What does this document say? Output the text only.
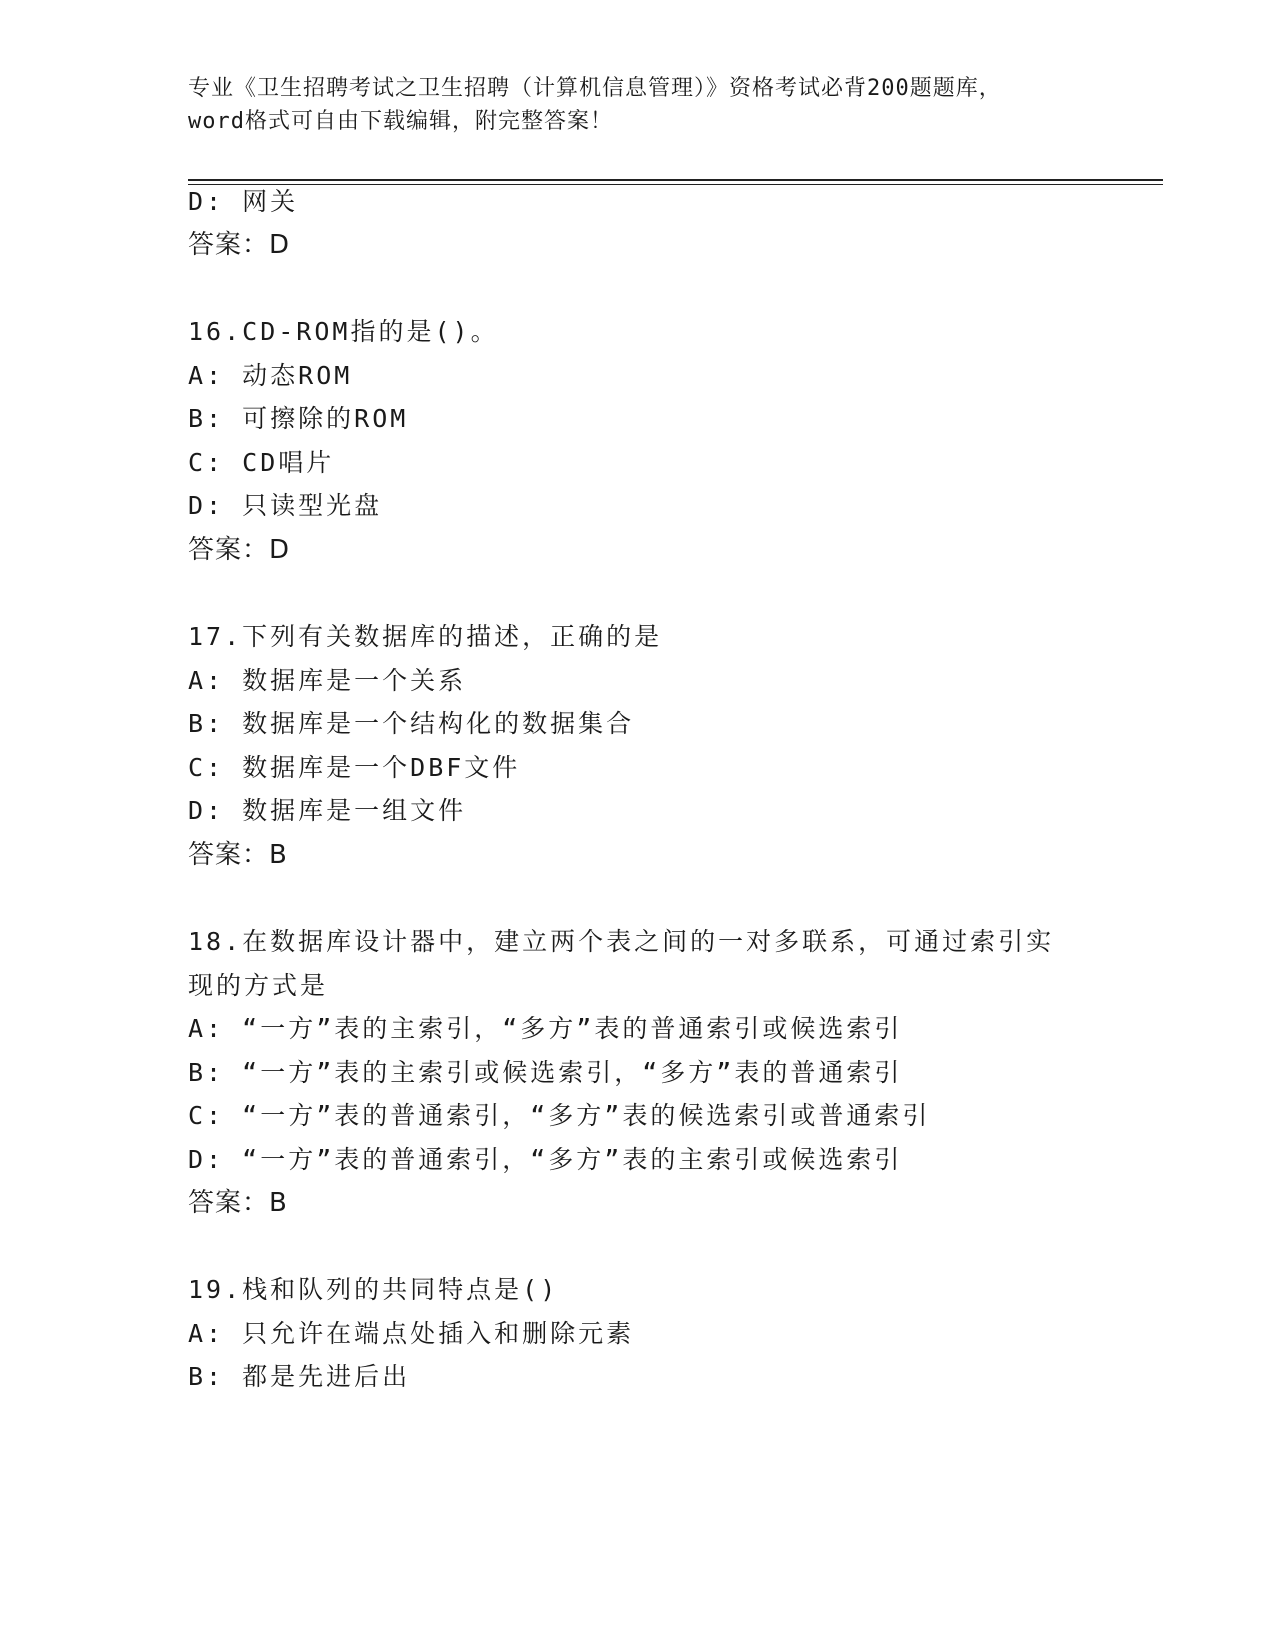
专业《卫生招聘考试之卫生招聘（计算机信息管理）》资格考试必背200题题库，
word格式可自由下载编辑，附完整答案！
D: 网关
答案：D
16.CD-ROM指的是()。
A: 动态ROM
B: 可擦除的ROM
C: CD唱片
D: 只读型光盘
答案：D
17.下列有关数据库的描述，正确的是
A: 数据库是一个关系
B: 数据库是一个结构化的数据集合
C: 数据库是一个DBF文件
D: 数据库是一组文件
答案：B
18.在数据库设计器中，建立两个表之间的一对多联系，可通过索引实
现的方式是
A: “一方”表的主索引，“多方”表的普通索引或候选索引
B: “一方”表的主索引或候选索引，“多方”表的普通索引
C: “一方”表的普通索引，“多方”表的候选索引或普通索引
D: “一方”表的普通索引，“多方”表的主索引或候选索引
答案：B
19.栈和队列的共同特点是()
A: 只允许在端点处插入和删除元素
B: 都是先进后出
